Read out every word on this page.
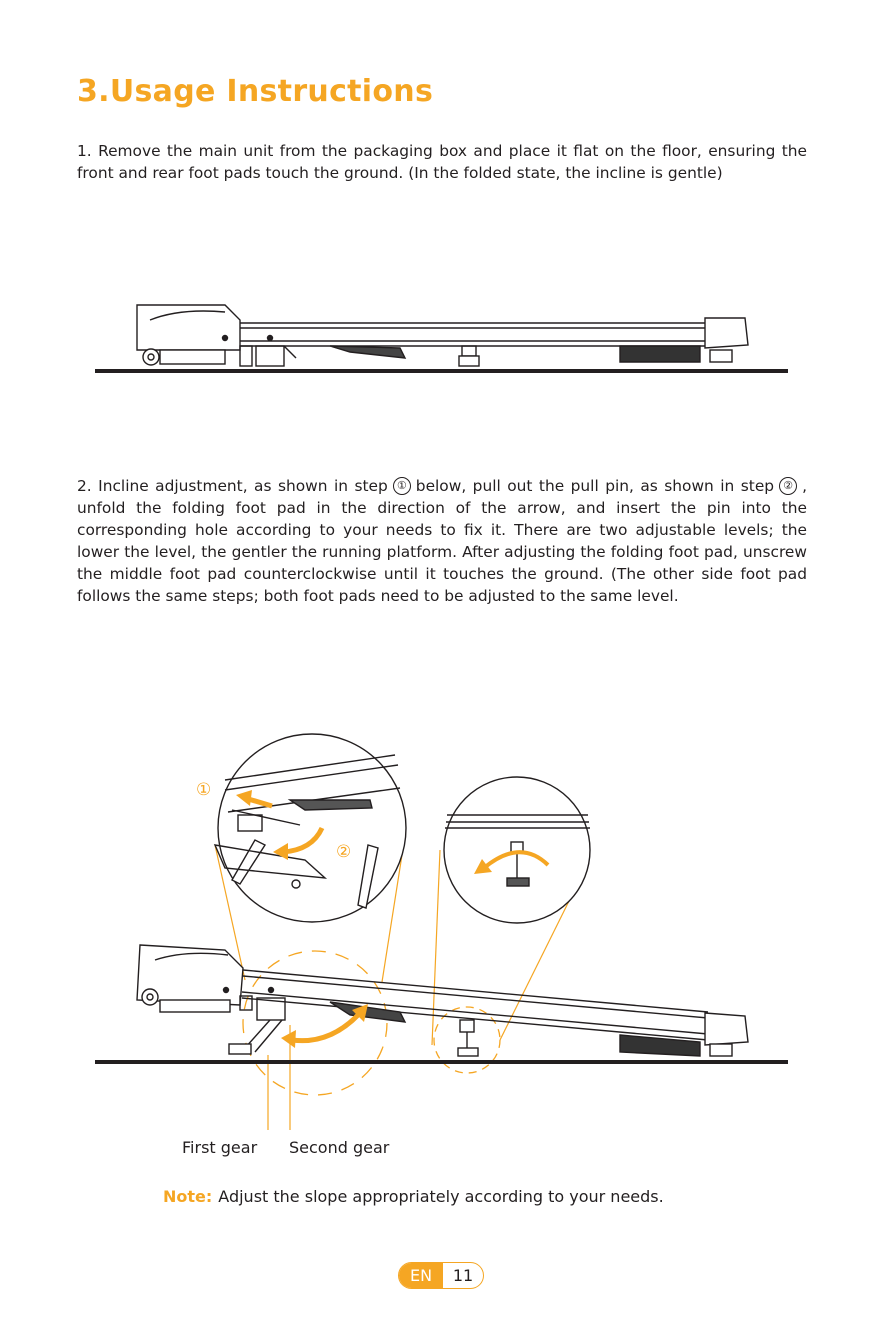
3.Usage Instructions

1. Remove the main unit from the packaging box and place it flat on the floor, ensuring the front and rear foot pads touch the ground. (In the folded state, the incline is gentle)

2. Incline adjustment, as shown in step ① below, pull out the pull pin, as shown in step ② , unfold the folding foot pad in the direction of the arrow, and insert the pin into the corresponding hole according to your needs to fix it. There are two adjustable levels; the lower the level, the gentler the running platform. After adjusting the folding foot pad, unscrew the middle foot pad counterclockwise until it touches the ground. (The other side foot pad follows the same steps; both foot pads need to be adjusted to the same level.

①
②
First gear Second gear
Note: Adjust the slope appropriately according to your needs.
EN	11
